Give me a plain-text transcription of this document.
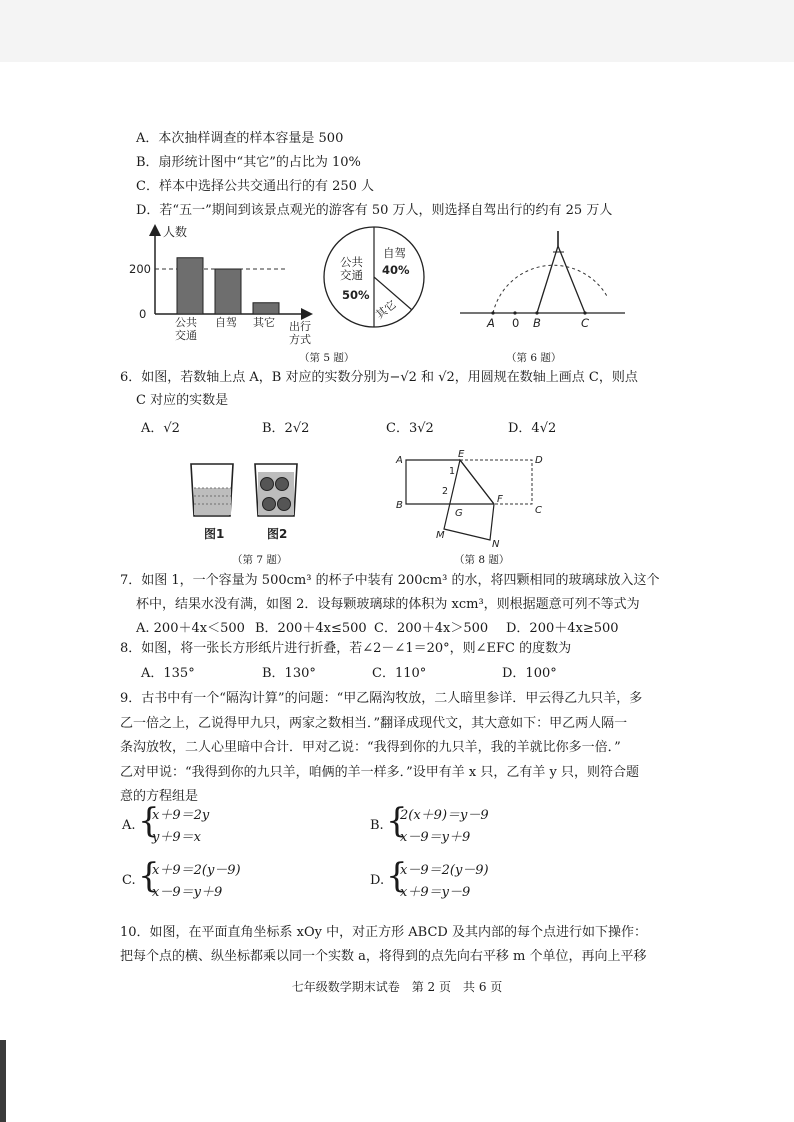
A．本次抽样调查的样本容量是 500
B．扇形统计图中“其它”的占比为 10%
C．样本中选择公共交通出行的有 250 人
D．若“五一”期间到该景点观光的游客有 50 万人，则选择自驾出行的约有 25 万人
人数
200
0
公共
交通
自驾 其它 出行
方式
公共
交通
50%
自驾
40%
其它
（第 5 题）
A 0 B	C
（第 6 题）
6．如图，若数轴上点 A，B 对应的实数分别为−√2 和 √2，用圆规在数轴上画点 C，则点
C 对应的实数是
A．√2	B．2√2	C．3√2	D．4√2
图1	图2
（第 7 题）
A
E
D
B	C
F
G
M
N
1
2
（第 8 题）
7．如图 1，一个容量为 500cm³ 的杯子中装有 200cm³ 的水，将四颗相同的玻璃球放入这个
杯中，结果水没有满，如图 2．设每颗玻璃球的体积为 xcm³，则根据题意可列不等式为
A. 200＋4x＜500 B．200＋4x≤500 C．200＋4x＞500 D．200＋4x≥500
8．如图，将一张长方形纸片进行折叠，若∠2－∠1＝20°，则∠EFC 的度数为
A．135°	B．130°	C．110°	D．100°
9．古书中有一个“隔沟计算”的问题：“甲乙隔沟牧放，二人暗里参详．甲云得乙九只羊，多
乙一倍之上，乙说得甲九只，两家之数相当．”翻译成现代文，其大意如下：甲乙两人隔一
条沟放牧，二人心里暗中合计．甲对乙说：“我得到你的九只羊，我的羊就比你多一倍．”
乙对甲说：“我得到你的九只羊，咱俩的羊一样多．”设甲有羊 x 只，乙有羊 y 只，则符合题
意的方程组是
A. {
x＋9＝2y
y＋9＝x
B. {
2(x＋9)＝y－9
x－9＝y＋9
C. {
x＋9＝2(y－9)
x－9＝y＋9
D. {
x－9＝2(y－9)
x＋9＝y－9
10．如图，在平面直角坐标系 xOy 中，对正方形 ABCD 及其内部的每个点进行如下操作：
把每个点的横、纵坐标都乘以同一个实数 a，将得到的点先向右平移 m 个单位，再向上平移
七年级数学期末试卷　第 2 页　共 6 页
